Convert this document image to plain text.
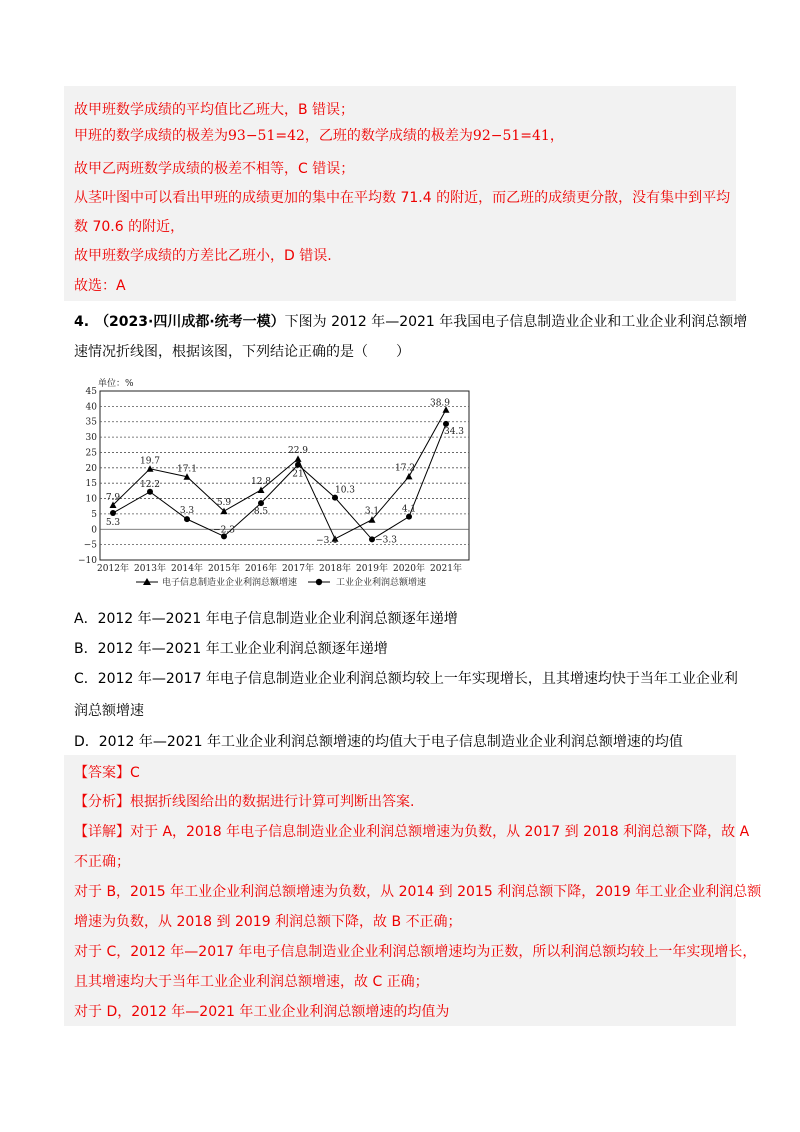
故甲班数学成绩的平均值比乙班大，B 错误；
甲班的数学成绩的极差为93−51=42，乙班的数学成绩的极差为92−51=41，
故甲乙两班数学成绩的极差不相等，C 错误；
从茎叶图中可以看出甲班的成绩更加的集中在平均数 71.4 的附近，而乙班的成绩更分散，没有集中到平均
数 70.6 的附近，
故甲班数学成绩的方差比乙班小，D 错误.
故选：A
4. （2023·四川成都·统考一模）下图为 2012 年—2021 年我国电子信息制造业企业和工业企业利润总额增
速情况折线图，根据该图，下列结论正确的是（　　）
单位：%
7.9
19.7
17.1
5.9
12.8
22.9
−3.1
3.1
17.2
38.9
5.3
12.2
3.3
−2.3
8.5
21
10.3
−3.3
4.1
34.3
−10
−5
0
5
10
15
20
25
30
35
40
45
2012年 2013年 2014年 2015年 2016年 2017年 2018年 2019年 2020年 2021年
电子信息制造业企业利润总额增速	工业企业利润总额增速
A．2012 年—2021 年电子信息制造业企业利润总额逐年递增
B．2012 年—2021 年工业企业利润总额逐年递增
C．2012 年—2017 年电子信息制造业企业利润总额均较上一年实现增长，且其增速均快于当年工业企业利
润总额增速
D．2012 年—2021 年工业企业利润总额增速的均值大于电子信息制造业企业利润总额增速的均值
【答案】C
【分析】根据折线图给出的数据进行计算可判断出答案.
【详解】对于 A，2018 年电子信息制造业企业利润总额增速为负数，从 2017 到 2018 利润总额下降，故 A
不正确；
对于 B，2015 年工业企业利润总额增速为负数，从 2014 到 2015 利润总额下降，2019 年工业企业利润总额
增速为负数，从 2018 到 2019 利润总额下降，故 B 不正确；
对于 C，2012 年—2017 年电子信息制造业企业利润总额增速均为正数，所以利润总额均较上一年实现增长，
且其增速均大于当年工业企业利润总额增速，故 C 正确；
对于 D，2012 年—2021 年工业企业利润总额增速的均值为
